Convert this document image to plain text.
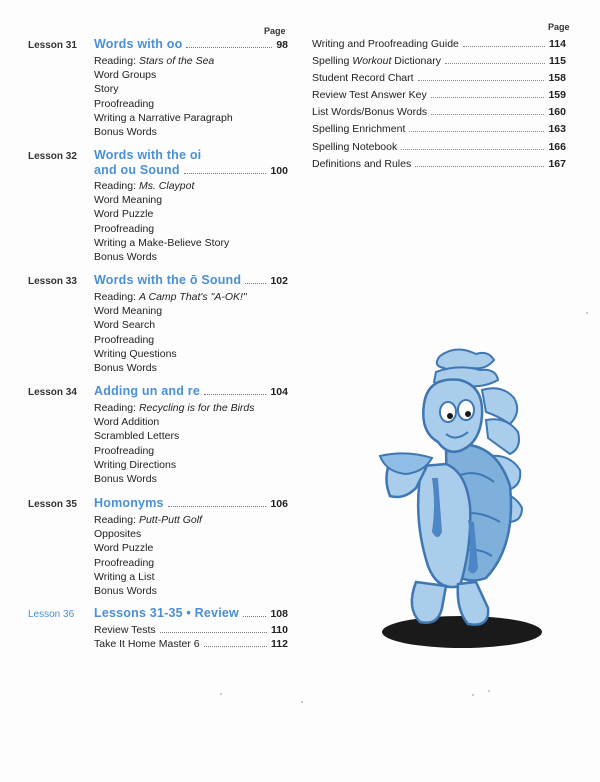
Page	Page
Lesson 31 Words with oo	98
Reading: Stars of the Sea
Word Groups
Story
Proofreading
Writing a Narrative Paragraph
Bonus Words
Lesson 32 Words with the oi
and ou Sound	100
Reading: Ms. Claypot
Word Meaning
Word Puzzle
Proofreading
Writing a Make-Believe Story
Bonus Words
Lesson 33 Words with the ō Sound	102
Reading: A Camp That's "A-OK!"
Word Meaning
Word Search
Proofreading
Writing Questions
Bonus Words
Lesson 34 Adding un and re	104
Reading: Recycling is for the Birds
Word Addition
Scrambled Letters
Proofreading
Writing Directions
Bonus Words
Lesson 35 Homonyms	106
Reading: Putt-Putt Golf
Opposites
Word Puzzle
Proofreading
Writing a List
Bonus Words
Lesson 36 Lessons 31-35 • Review	108
Review Tests	110
Take It Home Master 6	112
Writing and Proofreading Guide	114
Spelling Workout Dictionary	115
Student Record Chart	158
Review Test Answer Key	159
List Words/Bonus Words	160
Spelling Enrichment	163
Spelling Notebook	166
Definitions and Rules	167
